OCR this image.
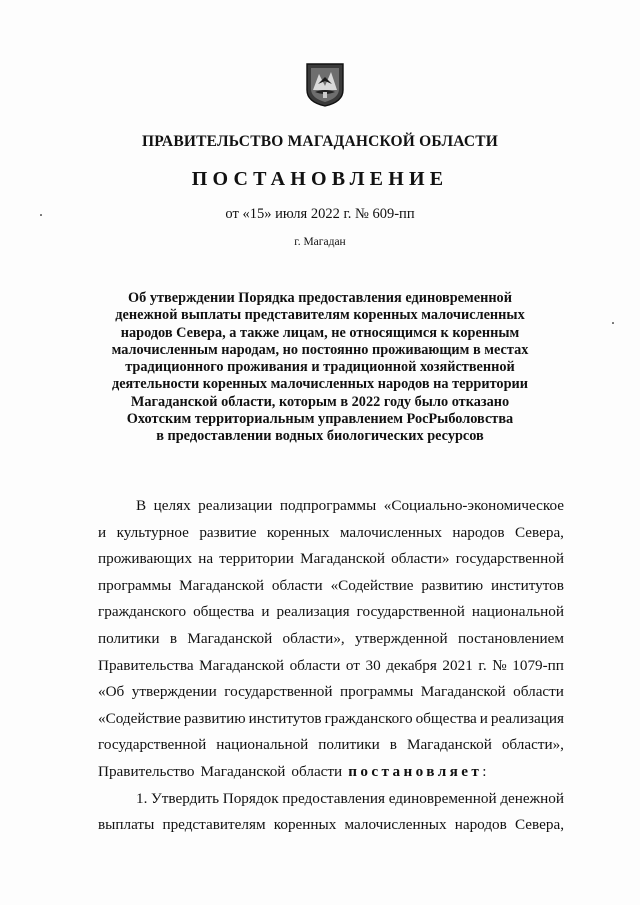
ПРАВИТЕЛЬСТВО МАГАДАНСКОЙ ОБЛАСТИ
ПОСТАНОВЛЕНИЕ
от «15» июля 2022 г. № 609-пп
г. Магадан
Об утверждении Порядка предоставления единовременной
денежной выплаты представителям коренных малочисленных
народов Севера, а также лицам, не относящимся к коренным
малочисленным народам, но постоянно проживающим в местах
традиционного проживания и традиционной хозяйственной
деятельности коренных малочисленных народов на территории
Магаданской области, которым в 2022 году было отказано
Охотским территориальным управлением РосРыболовства
в предоставлении водных биологических ресурсов
В целях реализации подпрограммы «Социально-экономическое
и культурное развитие коренных малочисленных народов Севера,
проживающих на территории Магаданской области» государственной
программы Магаданской области «Содействие развитию институтов
гражданского общества и реализация государственной национальной
политики в Магаданской области», утвержденной постановлением
Правительства Магаданской области от 30 декабря 2021 г. № 1079-пп
«Об утверждении государственной программы Магаданской области
«Содействие развитию институтов гражданского общества и реализация
государственной национальной политики в Магаданской области»,
Правительство Магаданской области постановляет :
1. Утвердить Порядок предоставления единовременной денежной
выплаты представителям коренных малочисленных народов Севера,
